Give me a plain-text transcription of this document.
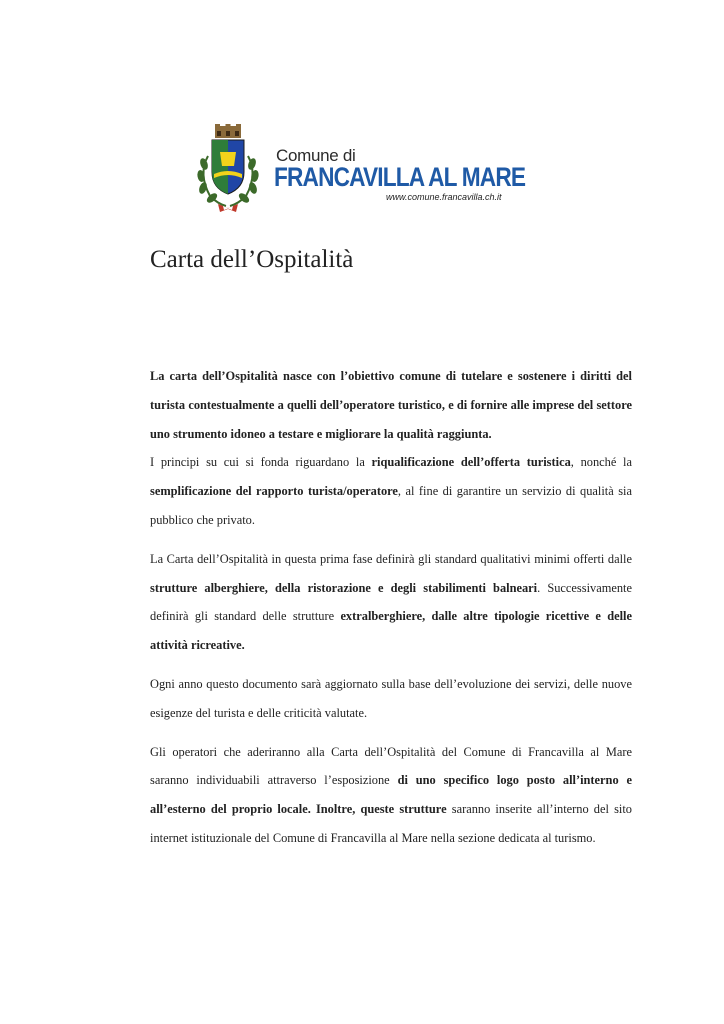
Comune di
FRANCAVILLA AL MARE
www.comune.francavilla.ch.it
Carta dell’Ospitalità

La carta dell’Ospitalità nasce con l’obiettivo comune di tutelare e sostenere i diritti del turista contestualmente a quelli dell’operatore turistico, e di fornire alle imprese del settore uno strumento idoneo a testare e migliorare la qualità raggiunta.

I principi su cui si fonda riguardano la riqualificazione dell’offerta turistica, nonché la semplificazione del rapporto turista/operatore, al fine di garantire un servizio di qualità sia pubblico che privato.

La Carta dell’Ospitalità in questa prima fase definirà gli standard qualitativi minimi offerti dalle strutture alberghiere, della ristorazione e degli stabilimenti balneari. Successivamente definirà gli standard delle strutture extralberghiere, dalle altre tipologie ricettive e delle attività ricreative.

Ogni anno questo documento sarà aggiornato sulla base dell’evoluzione dei servizi, delle nuove esigenze del turista e delle criticità valutate.

Gli operatori che aderiranno alla Carta dell’Ospitalità del Comune di Francavilla al Mare saranno individuabili attraverso l’esposizione di uno specifico logo posto all’interno e all’esterno del proprio locale. Inoltre, queste strutture saranno inserite all’interno del sito internet istituzionale del Comune di Francavilla al Mare nella sezione dedicata al turismo.
